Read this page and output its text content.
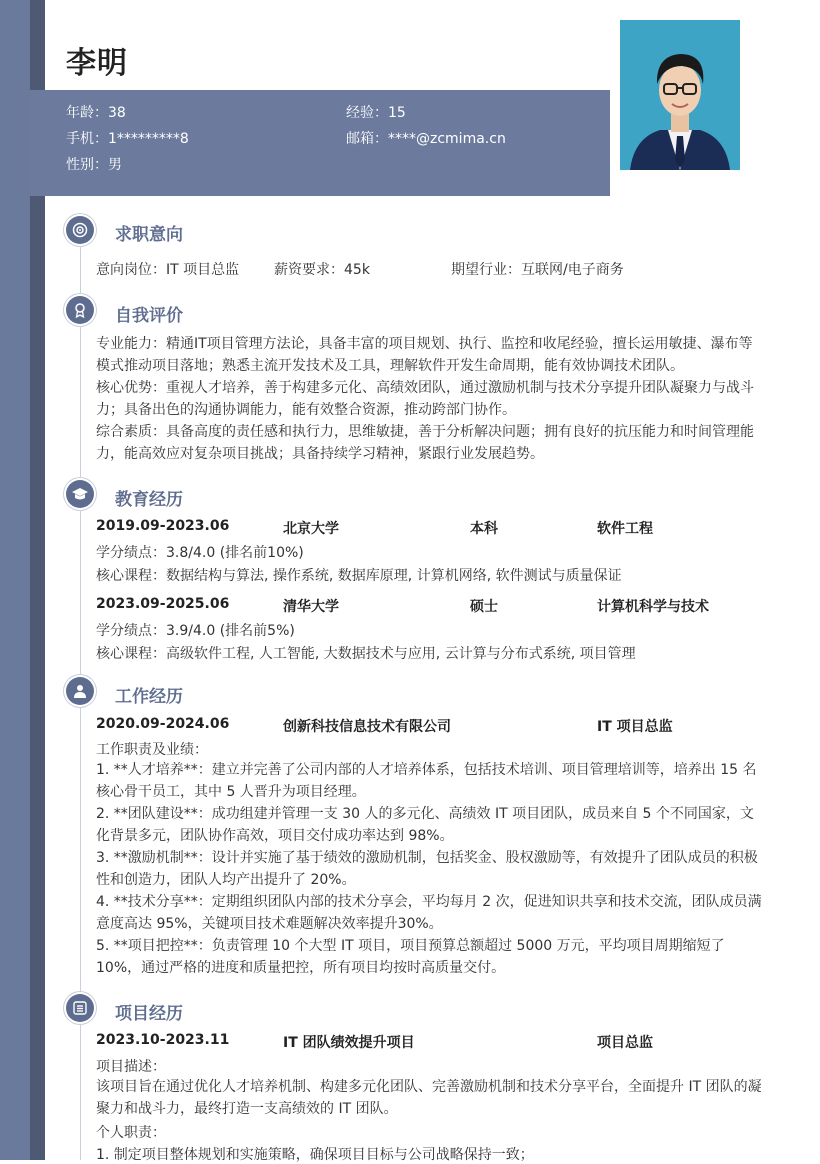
李明
年龄：38	经验：15
手机：1*********8	邮箱：****@zcmima.cn
性别：男
求职意向
意向岗位：IT 项目总监 薪资要求：45k	期望行业：互联网/电子商务
自我评价
专业能力：精通IT项目管理方法论，具备丰富的项目规划、执行、监控和收尾经验，擅长运用敏捷、瀑布等模式推动项目落地；熟悉主流开发技术及工具，理解软件开发生命周期，能有效协调技术团队。
核心优势：重视人才培养，善于构建多元化、高绩效团队，通过激励机制与技术分享提升团队凝聚力与战斗力；具备出色的沟通协调能力，能有效整合资源，推动跨部门协作。
综合素质：具备高度的责任感和执行力，思维敏捷，善于分析解决问题；拥有良好的抗压能力和时间管理能力，能高效应对复杂项目挑战；具备持续学习精神，紧跟行业发展趋势。
教育经历
2019.09-2023.06	北京大学	本科	软件工程
学分绩点：3.8/4.0 (排名前10%)
核心课程：数据结构与算法, 操作系统, 数据库原理, 计算机网络, 软件测试与质量保证
2023.09-2025.06	清华大学	硕士	计算机科学与技术
学分绩点：3.9/4.0 (排名前5%)
核心课程：高级软件工程, 人工智能, 大数据技术与应用, 云计算与分布式系统, 项目管理
工作经历
2020.09-2024.06	创新科技信息技术有限公司	IT 项目总监
工作职责及业绩：
1. **人才培养**：建立并完善了公司内部的人才培养体系，包括技术培训、项目管理培训等，培养出 15 名核心骨干员工，其中 5 人晋升为项目经理。
2. **团队建设**：成功组建并管理一支 30 人的多元化、高绩效 IT 项目团队，成员来自 5 个不同国家，文化背景多元，团队协作高效，项目交付成功率达到 98%。
3. **激励机制**：设计并实施了基于绩效的激励机制，包括奖金、股权激励等，有效提升了团队成员的积极性和创造力，团队人均产出提升了 20%。
4. **技术分享**：定期组织团队内部的技术分享会，平均每月 2 次，促进知识共享和技术交流，团队成员满意度高达 95%，关键项目技术难题解决效率提升30%。
5. **项目把控**：负责管理 10 个大型 IT 项目，项目预算总额超过 5000 万元，平均项目周期缩短了 10%，通过严格的进度和质量把控，所有项目均按时高质量交付。
项目经历
2023.10-2023.11	IT 团队绩效提升项目	项目总监
项目描述：
该项目旨在通过优化人才培养机制、构建多元化团队、完善激励机制和技术分享平台，全面提升 IT 团队的凝聚力和战斗力，最终打造一支高绩效的 IT 团队。
个人职责：
1. 制定项目整体规划和实施策略，确保项目目标与公司战略保持一致；
